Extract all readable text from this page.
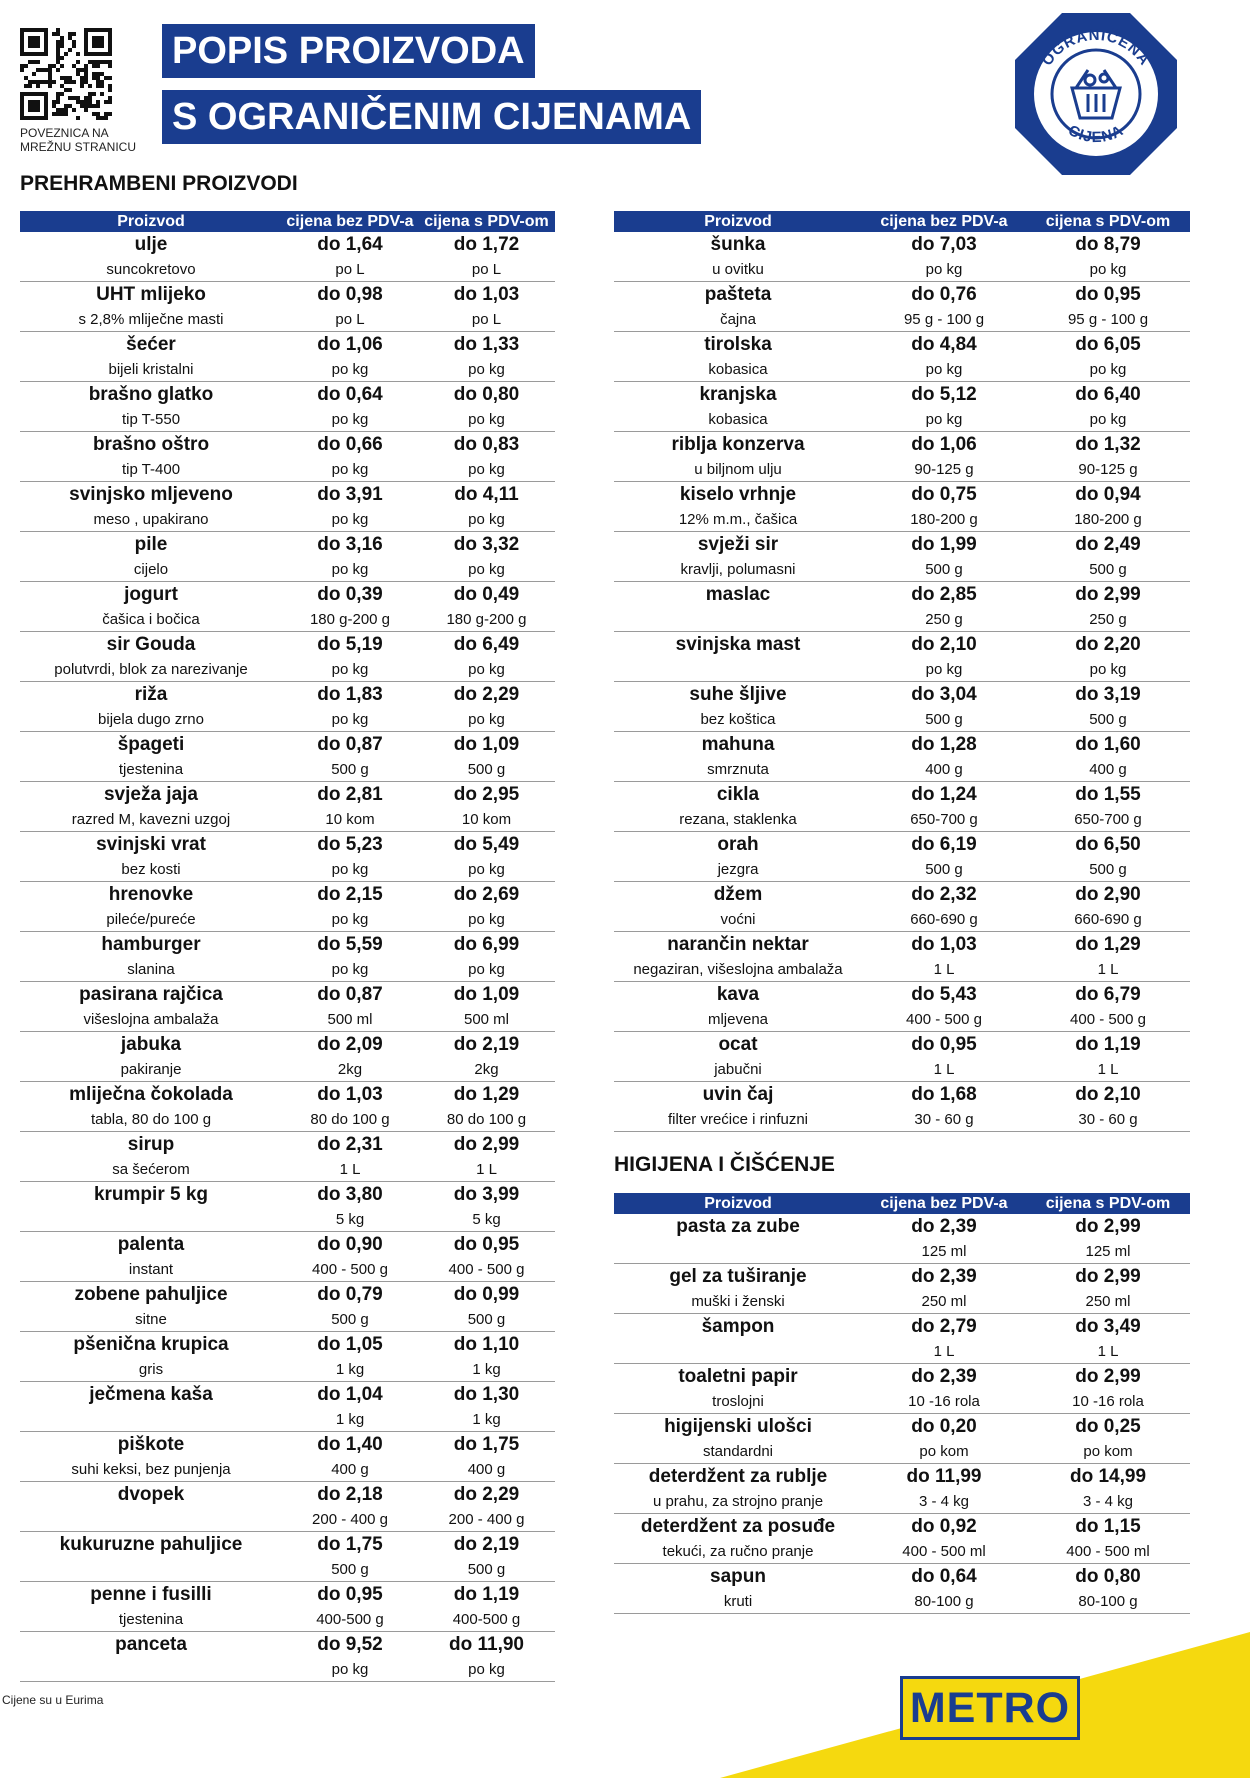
POVEZNICA NA MREŽNU STRANICU
POPIS PROIZVODA
S OGRANIČENIM CIJENAMA
OGRANIČENA
CIJENA
PREHRAMBENI PROIZVODI
Proizvod	cijena bez PDV-a	cijena s PDV-om
ulje	do 1,64	do 1,72
suncokretovo	po L	po L
UHT mlijeko	do 0,98	do 1,03
s 2,8% mliječne masti	po L	po L
šećer	do 1,06	do 1,33
bijeli kristalni	po kg	po kg
brašno glatko	do 0,64	do 0,80
tip T-550	po kg	po kg
brašno oštro	do 0,66	do 0,83
tip T-400	po kg	po kg
svinjsko mljeveno	do 3,91	do 4,11
meso , upakirano	po kg	po kg
pile	do 3,16	do 3,32
cijelo	po kg	po kg
jogurt	do 0,39	do 0,49
čašica i bočica	180 g-200 g	180 g-200 g
sir Gouda	do 5,19	do 6,49
polutvrdi, blok za narezivanje	po kg	po kg
riža	do 1,83	do 2,29
bijela dugo zrno	po kg	po kg
špageti	do 0,87	do 1,09
tjestenina	500 g	500 g
svježa jaja	do 2,81	do 2,95
razred M, kavezni uzgoj	10 kom	10 kom
svinjski vrat	do 5,23	do 5,49
bez kosti	po kg	po kg
hrenovke	do 2,15	do 2,69
pileće/pureće	po kg	po kg
hamburger	do 5,59	do 6,99
slanina	po kg	po kg
pasirana rajčica	do 0,87	do 1,09
višeslojna ambalaža	500 ml	500 ml
jabuka	do 2,09	do 2,19
pakiranje	2kg	2kg
mliječna čokolada	do 1,03	do 1,29
tabla, 80 do 100 g	80 do 100 g	80 do 100 g
sirup	do 2,31	do 2,99
sa šećerom	1 L	1 L
krumpir 5 kg	do 3,80	do 3,99
	5 kg	5 kg
palenta	do 0,90	do 0,95
instant	400 - 500 g	400 - 500 g
zobene pahuljice	do 0,79	do 0,99
sitne	500 g	500 g
pšenična krupica	do 1,05	do 1,10
gris	1 kg	1 kg
ječmena kaša	do 1,04	do 1,30
	1 kg	1 kg
piškote	do 1,40	do 1,75
suhi keksi, bez punjenja	400 g	400 g
dvopek	do 2,18	do 2,29
	200 - 400 g	200 - 400 g
kukuruzne pahuljice	do 1,75	do 2,19
	500 g	500 g
penne i fusilli	do 0,95	do 1,19
tjestenina	400-500 g	400-500 g
panceta	do 9,52	do 11,90
	po kg	po kg
Proizvod	cijena bez PDV-a	cijena s PDV-om
šunka	do 7,03	do 8,79
u ovitku	po kg	po kg
pašteta	do 0,76	do 0,95
čajna	95 g - 100 g	95 g - 100 g
tirolska	do 4,84	do 6,05
kobasica	po kg	po kg
kranjska	do 5,12	do 6,40
kobasica	po kg	po kg
riblja konzerva	do 1,06	do 1,32
u biljnom ulju	90-125 g	90-125 g
kiselo vrhnje	do 0,75	do 0,94
12% m.m., čašica	180-200 g	180-200 g
svježi sir	do 1,99	do 2,49
kravlji, polumasni	500 g	500 g
maslac	do 2,85	do 2,99
	250 g	250 g
svinjska mast	do 2,10	do 2,20
	po kg	po kg
suhe šljive	do 3,04	do 3,19
bez koštica	500 g	500 g
mahuna	do 1,28	do 1,60
smrznuta	400 g	400 g
cikla	do 1,24	do 1,55
rezana, staklenka	650-700 g	650-700 g
orah	do 6,19	do 6,50
jezgra	500 g	500 g
džem	do 2,32	do 2,90
voćni	660-690 g	660-690 g
narančin nektar	do 1,03	do 1,29
negaziran, višeslojna ambalaža	1 L	1 L
kava	do 5,43	do 6,79
mljevena	400 - 500 g	400 - 500 g
ocat	do 0,95	do 1,19
jabučni	1 L	1 L
uvin čaj	do 1,68	do 2,10
filter vrećice i rinfuzni	30 - 60 g	30 - 60 g
HIGIJENA I ČIŠĆENJE
Proizvod	cijena bez PDV-a	cijena s PDV-om
pasta za zube	do 2,39	do 2,99
	125 ml	125 ml
gel za tuširanje	do 2,39	do 2,99
muški i ženski	250 ml	250 ml
šampon	do 2,79	do 3,49
	1 L	1 L
toaletni papir	do 2,39	do 2,99
troslojni	10 -16 rola	10 -16 rola
higijenski ulošci	do 0,20	do 0,25
standardni	po kom	po kom
deterdžent za rublje	do 11,99	do 14,99
u prahu, za strojno pranje	3 - 4 kg	3 - 4 kg
deterdžent za posuđe	do 0,92	do 1,15
tekući, za ručno pranje	400 - 500 ml	400 - 500 ml
sapun	do 0,64	do 0,80
kruti	80-100 g	80-100 g
Cijene su u Eurima	METRO
